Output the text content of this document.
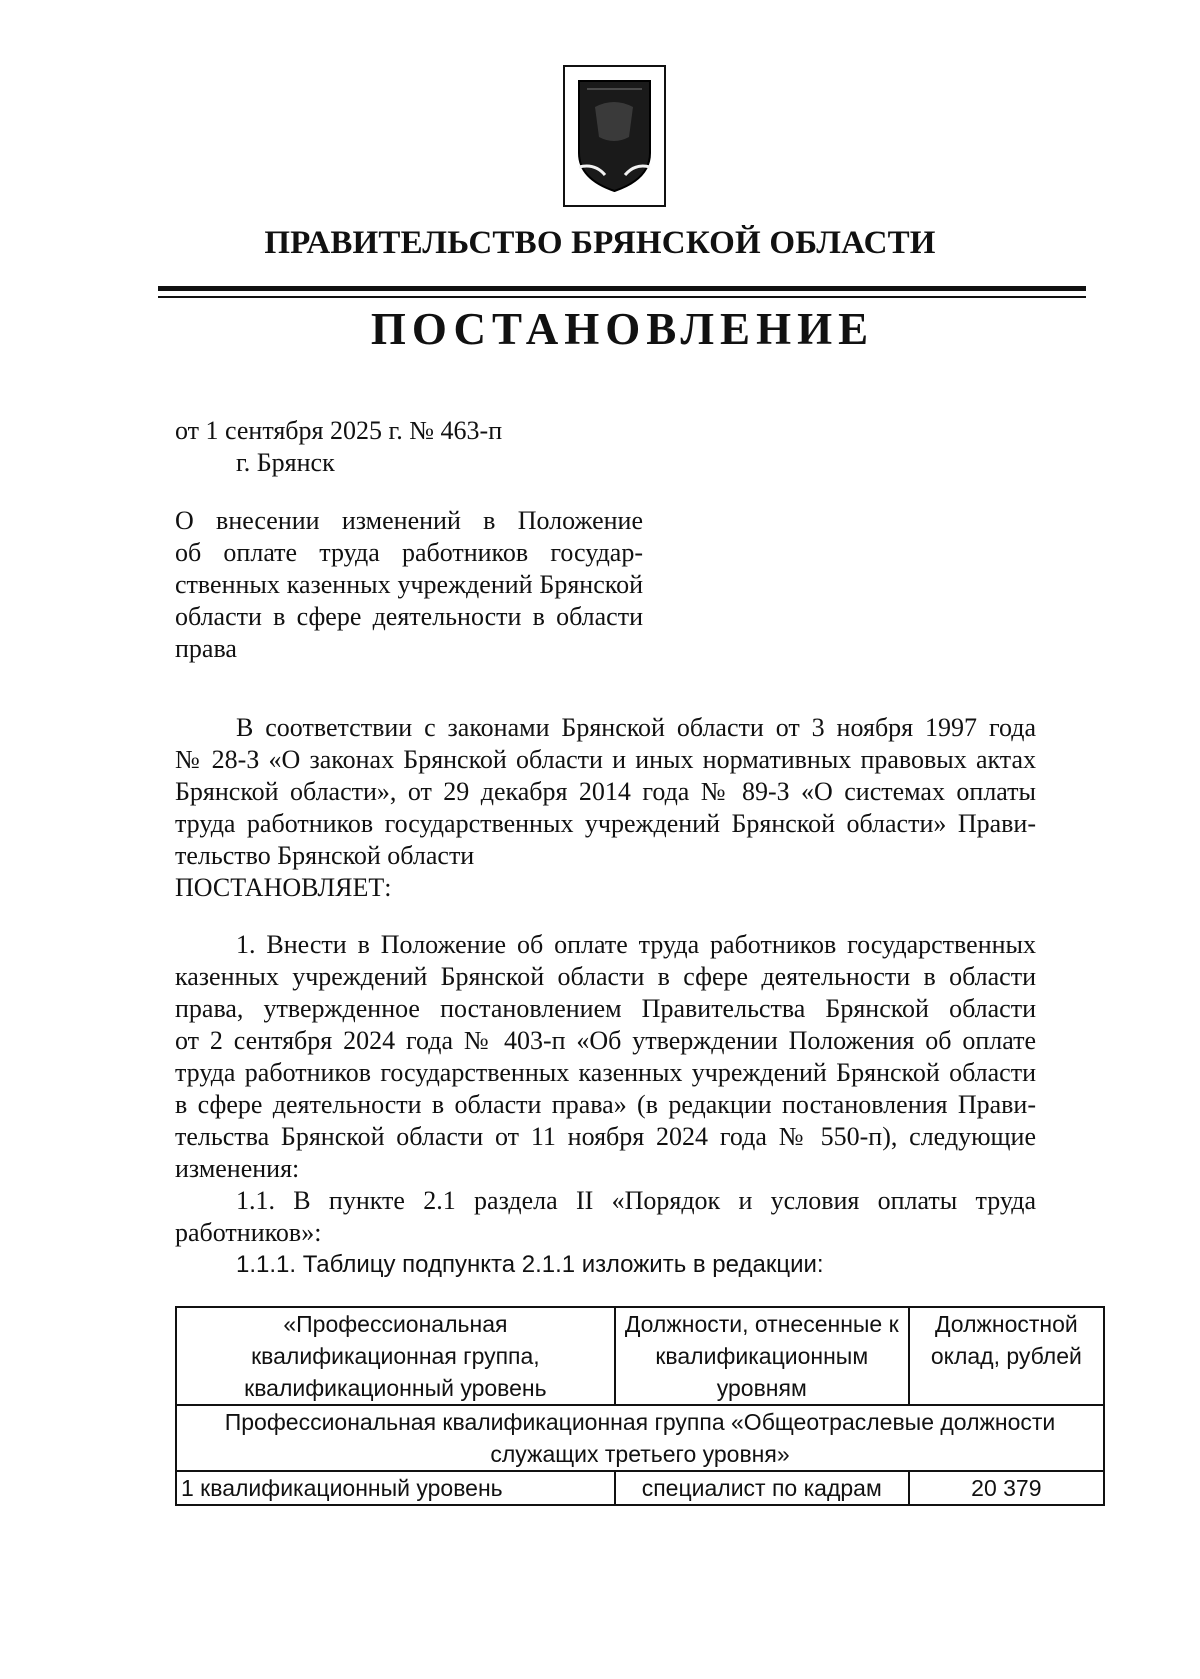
ПРАВИТЕЛЬСТВО БРЯНСКОЙ ОБЛАСТИ
ПОСТАНОВЛЕНИЕ
от 1 сентября 2025 г. № 463-п
г. Брянск
О внесении изменений в Положение
об оплате труда работников государ-
ственных казенных учреждений Брянской
области в сфере деятельности в области
права
В соответствии с законами Брянской области от 3 ноября 1997 года
№ 28-З «О законах Брянской области и иных нормативных правовых актах
Брянской области», от 29 декабря 2014 года № 89-З «О системах оплаты
труда работников государственных учреждений Брянской области» Прави-
тельство Брянской области
ПОСТАНОВЛЯЕТ:
1. Внести в Положение об оплате труда работников государственных
казенных учреждений Брянской области в сфере деятельности в области
права, утвержденное постановлением Правительства Брянской области
от 2 сентября 2024 года № 403-п «Об утверждении Положения об оплате
труда работников государственных казенных учреждений Брянской области
в сфере деятельности в области права» (в редакции постановления Прави-
тельства Брянской области от 11 ноября 2024 года № 550-п), следующие
изменения:
1.1. В пункте 2.1 раздела II «Порядок и условия оплаты труда
работников»:
1.1.1. Таблицу подпункта 2.1.1 изложить в редакции:
«Профессиональная квалификационная группа, квалификационный уровень	Должности, отнесенные к квалификационным уровням	Должностной оклад, рублей
Профессиональная квалификационная группа «Общеотраслевые должности служащих третьего уровня»		
1 квалификационный уровень	специалист по кадрам	20 379
